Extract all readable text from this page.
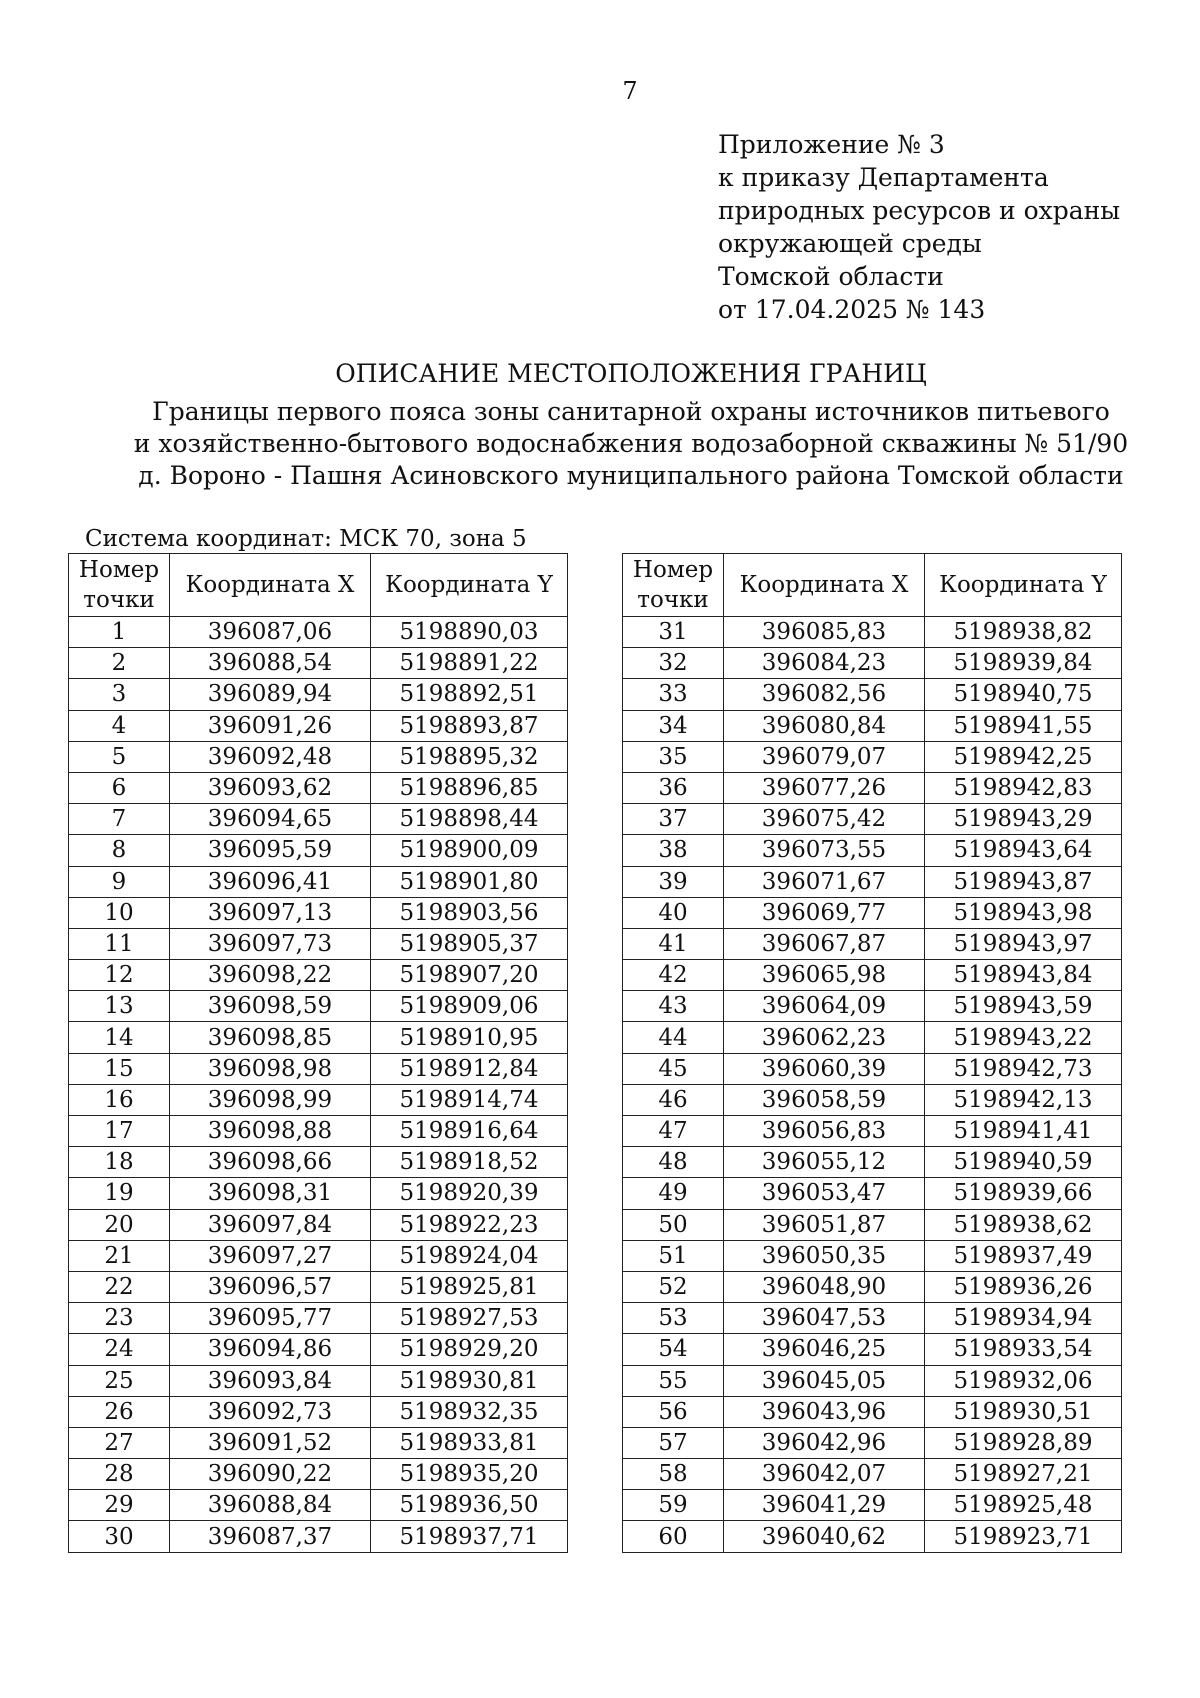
7
Приложение № 3
к приказу Департамента
природных ресурсов и охраны
окружающей среды
Томской области
от 17.04.2025 № 143
ОПИСАНИЕ МЕСТОПОЛОЖЕНИЯ ГРАНИЦ
Границы первого пояса зоны санитарной охраны источников питьевого
и хозяйственно-бытового водоснабжения водозаборной скважины № 51/90
д. Вороно - Пашня Асиновского муниципального района Томской области
Система координат: МСК 70, зона 5
Номер
точки	Координата X	Координата Y
1	396087,06	5198890,03
2	396088,54	5198891,22
3	396089,94	5198892,51
4	396091,26	5198893,87
5	396092,48	5198895,32
6	396093,62	5198896,85
7	396094,65	5198898,44
8	396095,59	5198900,09
9	396096,41	5198901,80
10	396097,13	5198903,56
11	396097,73	5198905,37
12	396098,22	5198907,20
13	396098,59	5198909,06
14	396098,85	5198910,95
15	396098,98	5198912,84
16	396098,99	5198914,74
17	396098,88	5198916,64
18	396098,66	5198918,52
19	396098,31	5198920,39
20	396097,84	5198922,23
21	396097,27	5198924,04
22	396096,57	5198925,81
23	396095,77	5198927,53
24	396094,86	5198929,20
25	396093,84	5198930,81
26	396092,73	5198932,35
27	396091,52	5198933,81
28	396090,22	5198935,20
29	396088,84	5198936,50
30	396087,37	5198937,71
Номер
точки	Координата X	Координата Y
31	396085,83	5198938,82
32	396084,23	5198939,84
33	396082,56	5198940,75
34	396080,84	5198941,55
35	396079,07	5198942,25
36	396077,26	5198942,83
37	396075,42	5198943,29
38	396073,55	5198943,64
39	396071,67	5198943,87
40	396069,77	5198943,98
41	396067,87	5198943,97
42	396065,98	5198943,84
43	396064,09	5198943,59
44	396062,23	5198943,22
45	396060,39	5198942,73
46	396058,59	5198942,13
47	396056,83	5198941,41
48	396055,12	5198940,59
49	396053,47	5198939,66
50	396051,87	5198938,62
51	396050,35	5198937,49
52	396048,90	5198936,26
53	396047,53	5198934,94
54	396046,25	5198933,54
55	396045,05	5198932,06
56	396043,96	5198930,51
57	396042,96	5198928,89
58	396042,07	5198927,21
59	396041,29	5198925,48
60	396040,62	5198923,71
